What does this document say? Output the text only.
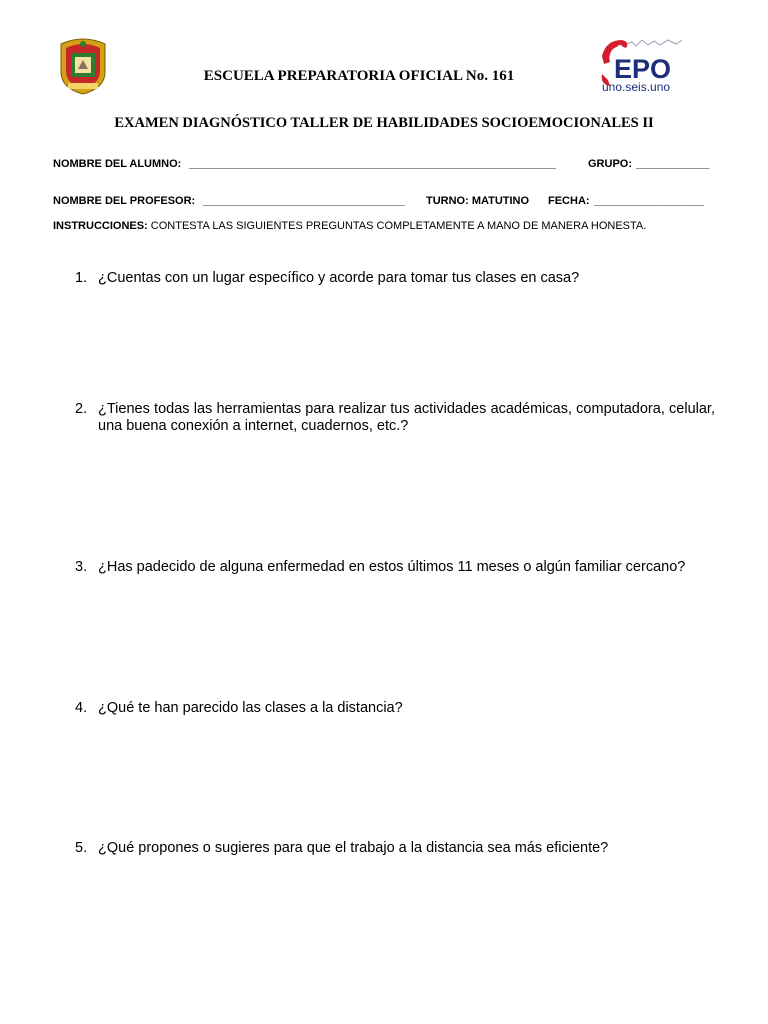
ESCUELA PREPARATORIA OFICIAL No. 161	EPO
uno.seis.uno
EXAMEN DIAGNÓSTICO TALLER DE HABILIDADES SOCIOEMOCIONALES II
NOMBRE DEL ALUMNO: ____________________________________________________________	GRUPO: ____________
NOMBRE DEL PROFESOR: _________________________________ TURNO: MATUTINO FECHA: __________________
INSTRUCCIONES: CONTESTA LAS SIGUIENTES PREGUNTAS COMPLETAMENTE A MANO DE MANERA HONESTA.
1. ¿Cuentas con un lugar específico y acorde para tomar tus clases en casa?
2. ¿Tienes todas las herramientas para realizar tus actividades académicas, computadora, celular, una buena conexión a internet, cuadernos, etc.?
3. ¿Has padecido de alguna enfermedad en estos últimos 11 meses o algún familiar cercano?
4. ¿Qué te han parecido las clases a la distancia?
5. ¿Qué propones o sugieres para que el trabajo a la distancia sea más eficiente?
